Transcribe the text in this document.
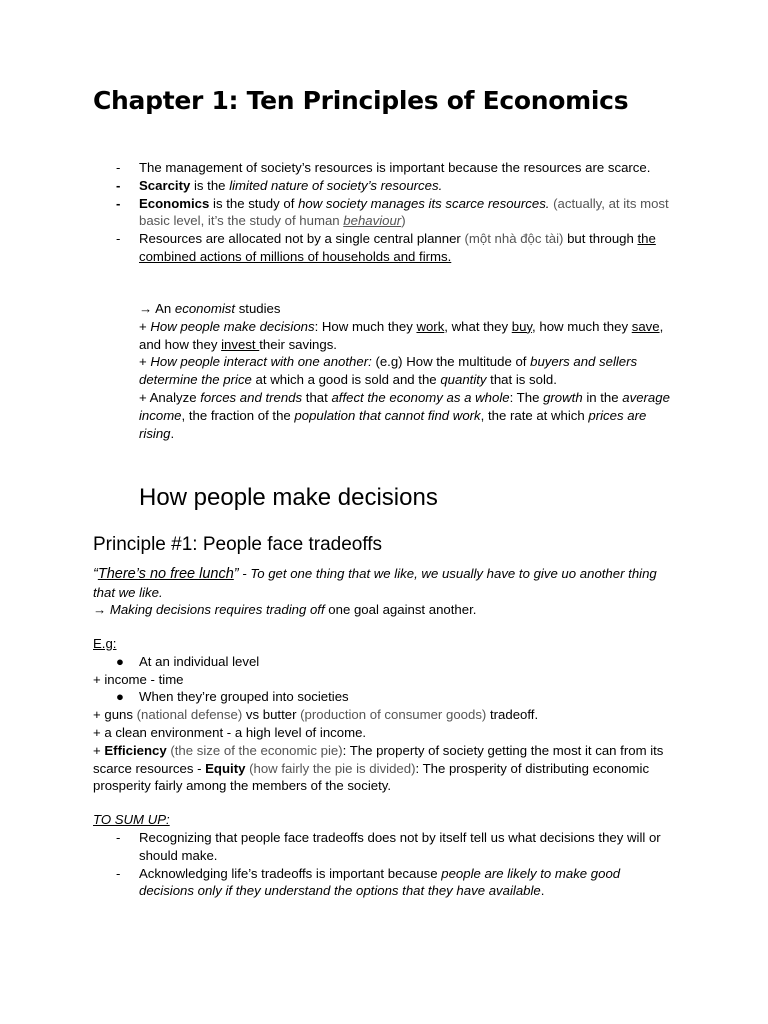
Chapter 1: Ten Principles of Economics
-	The management of society’s resources is important because the resources are scarce.
-	Scarcity is the limited nature of society’s resources.
-	Economics is the study of how society manages its scarce resources. (actually, at its most basic level, it’s the study of human behaviour)
-	Resources are allocated not by a single central planner (một nhà độc tài) but through the combined actions of millions of households and firms.

→ An economist studies

+ How people make decisions: How much they work, what they buy, how much they save, and how they invest their savings.

+ How people interact with one another: (e.g) How the multitude of buyers and sellers determine the price at which a good is sold and the quantity that is sold.

+ Analyze forces and trends that affect the economy as a whole: The growth in the average income, the fraction of the population that cannot find work, the rate at which prices are rising.

How people make decisions
Principle #1: People face tradeoffs

“There’s no free lunch” - To get one thing that we like, we usually have to give uo another thing that we like.

→ Making decisions requires trading off one goal against another.

E.g:

● At an individual level

+ income - time

● When they’re grouped into societies

+ guns (national defense) vs butter (production of consumer goods) tradeoff.

+ a clean environment - a high level of income.

+ Efficiency (the size of the economic pie): The property of society getting the most it can from its scarce resources - Equity (how fairly the pie is divided): The prosperity of distributing economic prosperity fairly among the members of the society.

TO SUM UP:

-	Recognizing that people face tradeoffs does not by itself tell us what decisions they will or should make.
-	Acknowledging life’s tradeoffs is important because people are likely to make good decisions only if they understand the options that they have available.
